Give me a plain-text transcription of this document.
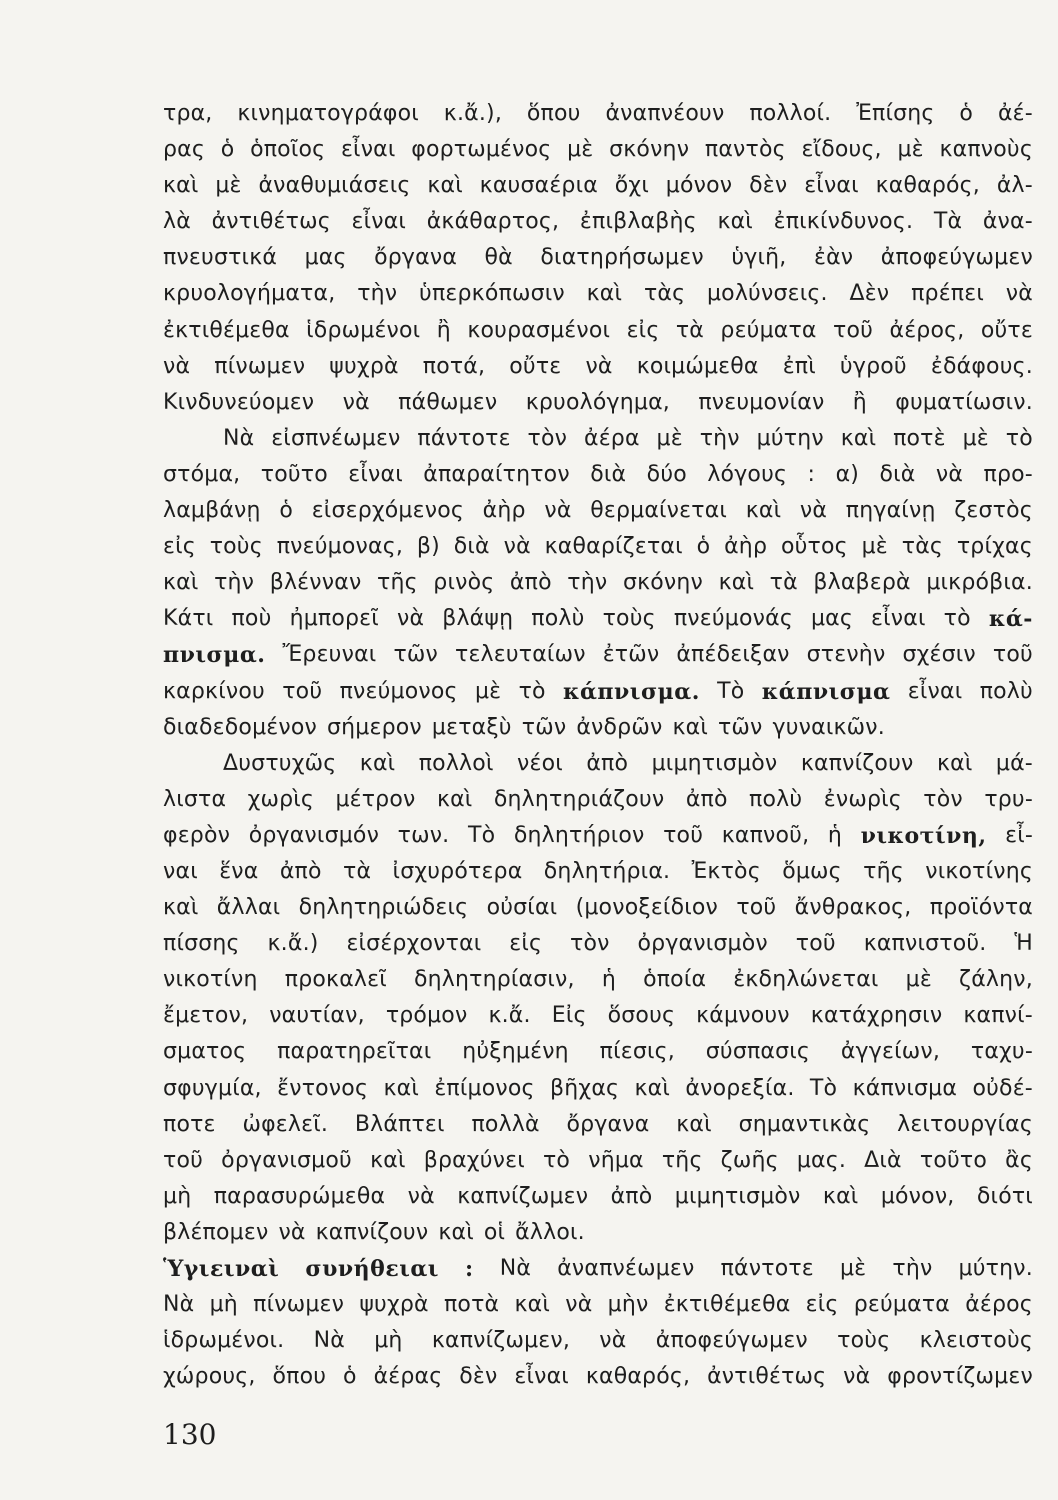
τρα, κινηματογράφοι κ.ἄ.), ὅπου ἀναπνέουν πολλοί. Ἐπίσης ὁ ἀέ-
ρας ὁ ὁποῖος εἶναι φορτωμένος μὲ σκόνην παντὸς εἴδους, μὲ καπνοὺς
καὶ μὲ ἀναθυμιάσεις καὶ καυσαέρια ὄχι μόνον δὲν εἶναι καθαρός, ἀλ-
λὰ ἀντιθέτως εἶναι ἀκάθαρτος, ἐπιβλαβὴς καὶ ἐπικίνδυνος. Τὰ ἀνα-
πνευστικά μας ὄργανα θὰ διατηρήσωμεν ὑγιῆ, ἐὰν ἀποφεύγωμεν
κρυολογήματα, τὴν ὑπερκόπωσιν καὶ τὰς μολύνσεις. Δὲν πρέπει νὰ
ἐκτιθέμεθα ἱδρωμένοι ἢ κουρασμένοι εἰς τὰ ρεύματα τοῦ ἀέρος, οὔτε
νὰ πίνωμεν ψυχρὰ ποτά, οὔτε νὰ κοιμώμεθα ἐπὶ ὑγροῦ ἐδάφους.
Κινδυνεύομεν νὰ πάθωμεν κρυολόγημα, πνευμονίαν ἢ φυματίωσιν.
Νὰ εἰσπνέωμεν πάντοτε τὸν ἀέρα μὲ τὴν μύτην καὶ ποτὲ μὲ τὸ
στόμα, τοῦτο εἶναι ἀπαραίτητον διὰ δύο λόγους : α) διὰ νὰ προ-
λαμβάνῃ ὁ εἰσερχόμενος ἀὴρ νὰ θερμαίνεται καὶ νὰ πηγαίνῃ ζεστὸς
εἰς τοὺς πνεύμονας, β) διὰ νὰ καθαρίζεται ὁ ἀὴρ οὗτος μὲ τὰς τρίχας
καὶ τὴν βλένναν τῆς ρινὸς ἀπὸ τὴν σκόνην καὶ τὰ βλαβερὰ μικρόβια.
Κάτι ποὺ ἠμπορεῖ νὰ βλάψῃ πολὺ τοὺς πνεύμονάς μας εἶναι τὸ κά-
πνισμα. Ἔρευναι τῶν τελευταίων ἐτῶν ἀπέδειξαν στενὴν σχέσιν τοῦ
καρκίνου τοῦ πνεύμονος μὲ τὸ κάπνισμα. Τὸ κάπνισμα εἶναι πολὺ
διαδεδομένον σήμερον μεταξὺ τῶν ἀνδρῶν καὶ τῶν γυναικῶν.
Δυστυχῶς καὶ πολλοὶ νέοι ἀπὸ μιμητισμὸν καπνίζουν καὶ μά-
λιστα χωρὶς μέτρον καὶ δηλητηριάζουν ἀπὸ πολὺ ἐνωρὶς τὸν τρυ-
φερὸν ὀργανισμόν των. Τὸ δηλητήριον τοῦ καπνοῦ, ἡ νικοτίνη, εἶ-
ναι ἕνα ἀπὸ τὰ ἰσχυρότερα δηλητήρια. Ἐκτὸς ὅμως τῆς νικοτίνης
καὶ ἄλλαι δηλητηριώδεις οὐσίαι (μονοξείδιον τοῦ ἄνθρακος, προϊόντα
πίσσης κ.ἄ.) εἰσέρχονται εἰς τὸν ὀργανισμὸν τοῦ καπνιστοῦ. Ἡ
νικοτίνη προκαλεῖ δηλητηρίασιν, ἡ ὁποία ἐκδηλώνεται μὲ ζάλην,
ἔμετον, ναυτίαν, τρόμον κ.ἄ. Εἰς ὅσους κάμνουν κατάχρησιν καπνί-
σματος παρατηρεῖται ηὐξημένη πίεσις, σύσπασις ἀγγείων, ταχυ-
σφυγμία, ἔντονος καὶ ἐπίμονος βῆχας καὶ ἀνορεξία. Τὸ κάπνισμα οὐδέ-
ποτε ὠφελεῖ. Βλάπτει πολλὰ ὄργανα καὶ σημαντικὰς λειτουργίας
τοῦ ὀργανισμοῦ καὶ βραχύνει τὸ νῆμα τῆς ζωῆς μας. Διὰ τοῦτο ἂς
μὴ παρασυρώμεθα νὰ καπνίζωμεν ἀπὸ μιμητισμὸν καὶ μόνον, διότι
βλέπομεν νὰ καπνίζουν καὶ οἱ ἄλλοι.
Ὑγιειναὶ συνήθειαι : Νὰ ἀναπνέωμεν πάντοτε μὲ τὴν μύτην.
Νὰ μὴ πίνωμεν ψυχρὰ ποτὰ καὶ νὰ μὴν ἐκτιθέμεθα εἰς ρεύματα ἀέρος
ἱδρωμένοι. Νὰ μὴ καπνίζωμεν, νὰ ἀποφεύγωμεν τοὺς κλειστοὺς
χώρους, ὅπου ὁ ἀέρας δὲν εἶναι καθαρός, ἀντιθέτως νὰ φροντίζωμεν
130
